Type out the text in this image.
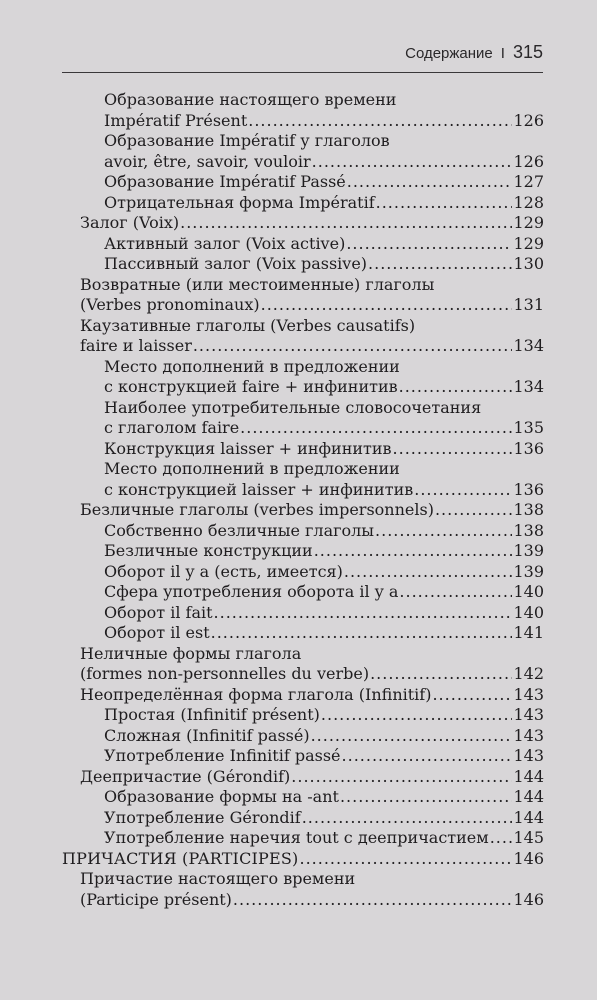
Содержание I 315
Образование настоящего времени
Impératif Présent .....	126
Образование Impératif у глаголов
avoir, être, savoir, vouloir .....	126
Образование Impératif Passé .....	127
Отрицательная форма Impératif .....	128
Залог (Voix) .....	129
Активный залог (Voix active) .....	129
Пассивный залог (Voix passive) .....	130
Возвратные (или местоименные) глаголы
(Verbes pronominaux) .....	131
Каузативные глаголы (Verbes causatifs)
faire и laisser .....	134
Место дополнений в предложении
с конструкцией faire + инфинитив .....	134
Наиболее употребительные словосочетания
с глаголом faire .....	135
Конструкция laisser + инфинитив .....	136
Место дополнений в предложении
с конструкцией laisser + инфинитив .....	136
Безличные глаголы (verbes impersonnels) .....	138
Собственно безличные глаголы .....	138
Безличные конструкции .....	139
Оборот il y a (есть, имеется) .....	139
Сфера употребления оборота il y a .....	140
Оборот il fait .....	140
Оборот il est .....	141
Неличные формы глагола
(formes non-personnelles du verbe) .....	142
Неопределённая форма глагола (Infinitif) .....	143
Простая (Infinitif présent) .....	143
Сложная (Infinitif passé) .....	143
Употребление Infinitif passé .....	143
Деепричастие (Gérondif) .....	144
Образование формы на -ant .....	144
Употребление Gérondif .....	144
Употребление наречия tout с деепричастием ..... 145
ПРИЧАСТИЯ (PARTICIPES) .....	146
Причастие настоящего времени
(Participe présent) .....	146
